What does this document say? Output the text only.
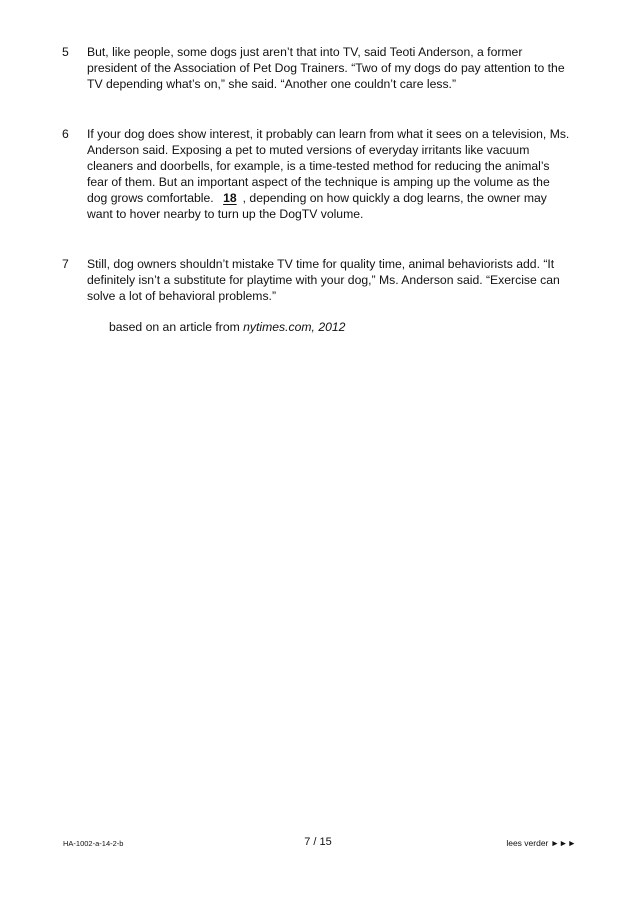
5	But, like people, some dogs just aren’t that into TV, said Teoti Anderson, a former president of the Association of Pet Dog Trainers. “Two of my dogs do pay attention to the TV depending what’s on,” she said. “Another one couldn’t care less.”
6	If your dog does show interest, it probably can learn from what it sees on a television, Ms. Anderson said. Exposing a pet to muted versions of everyday irritants like vacuum cleaners and doorbells, for example, is a time-tested method for reducing the animal’s fear of them. But an important aspect of the technique is amping up the volume as the dog grows comfortable. 18 , depending on how quickly a dog learns, the owner may want to hover nearby to turn up the DogTV volume.
7	Still, dog owners shouldn’t mistake TV time for quality time, animal behaviorists add. “It definitely isn’t a substitute for playtime with your dog,” Ms. Anderson said. “Exercise can solve a lot of behavioral problems.”
based on an article from nytimes.com, 2012
HA-1002-a-14-2-b	7 / 15	lees verder ►►►
